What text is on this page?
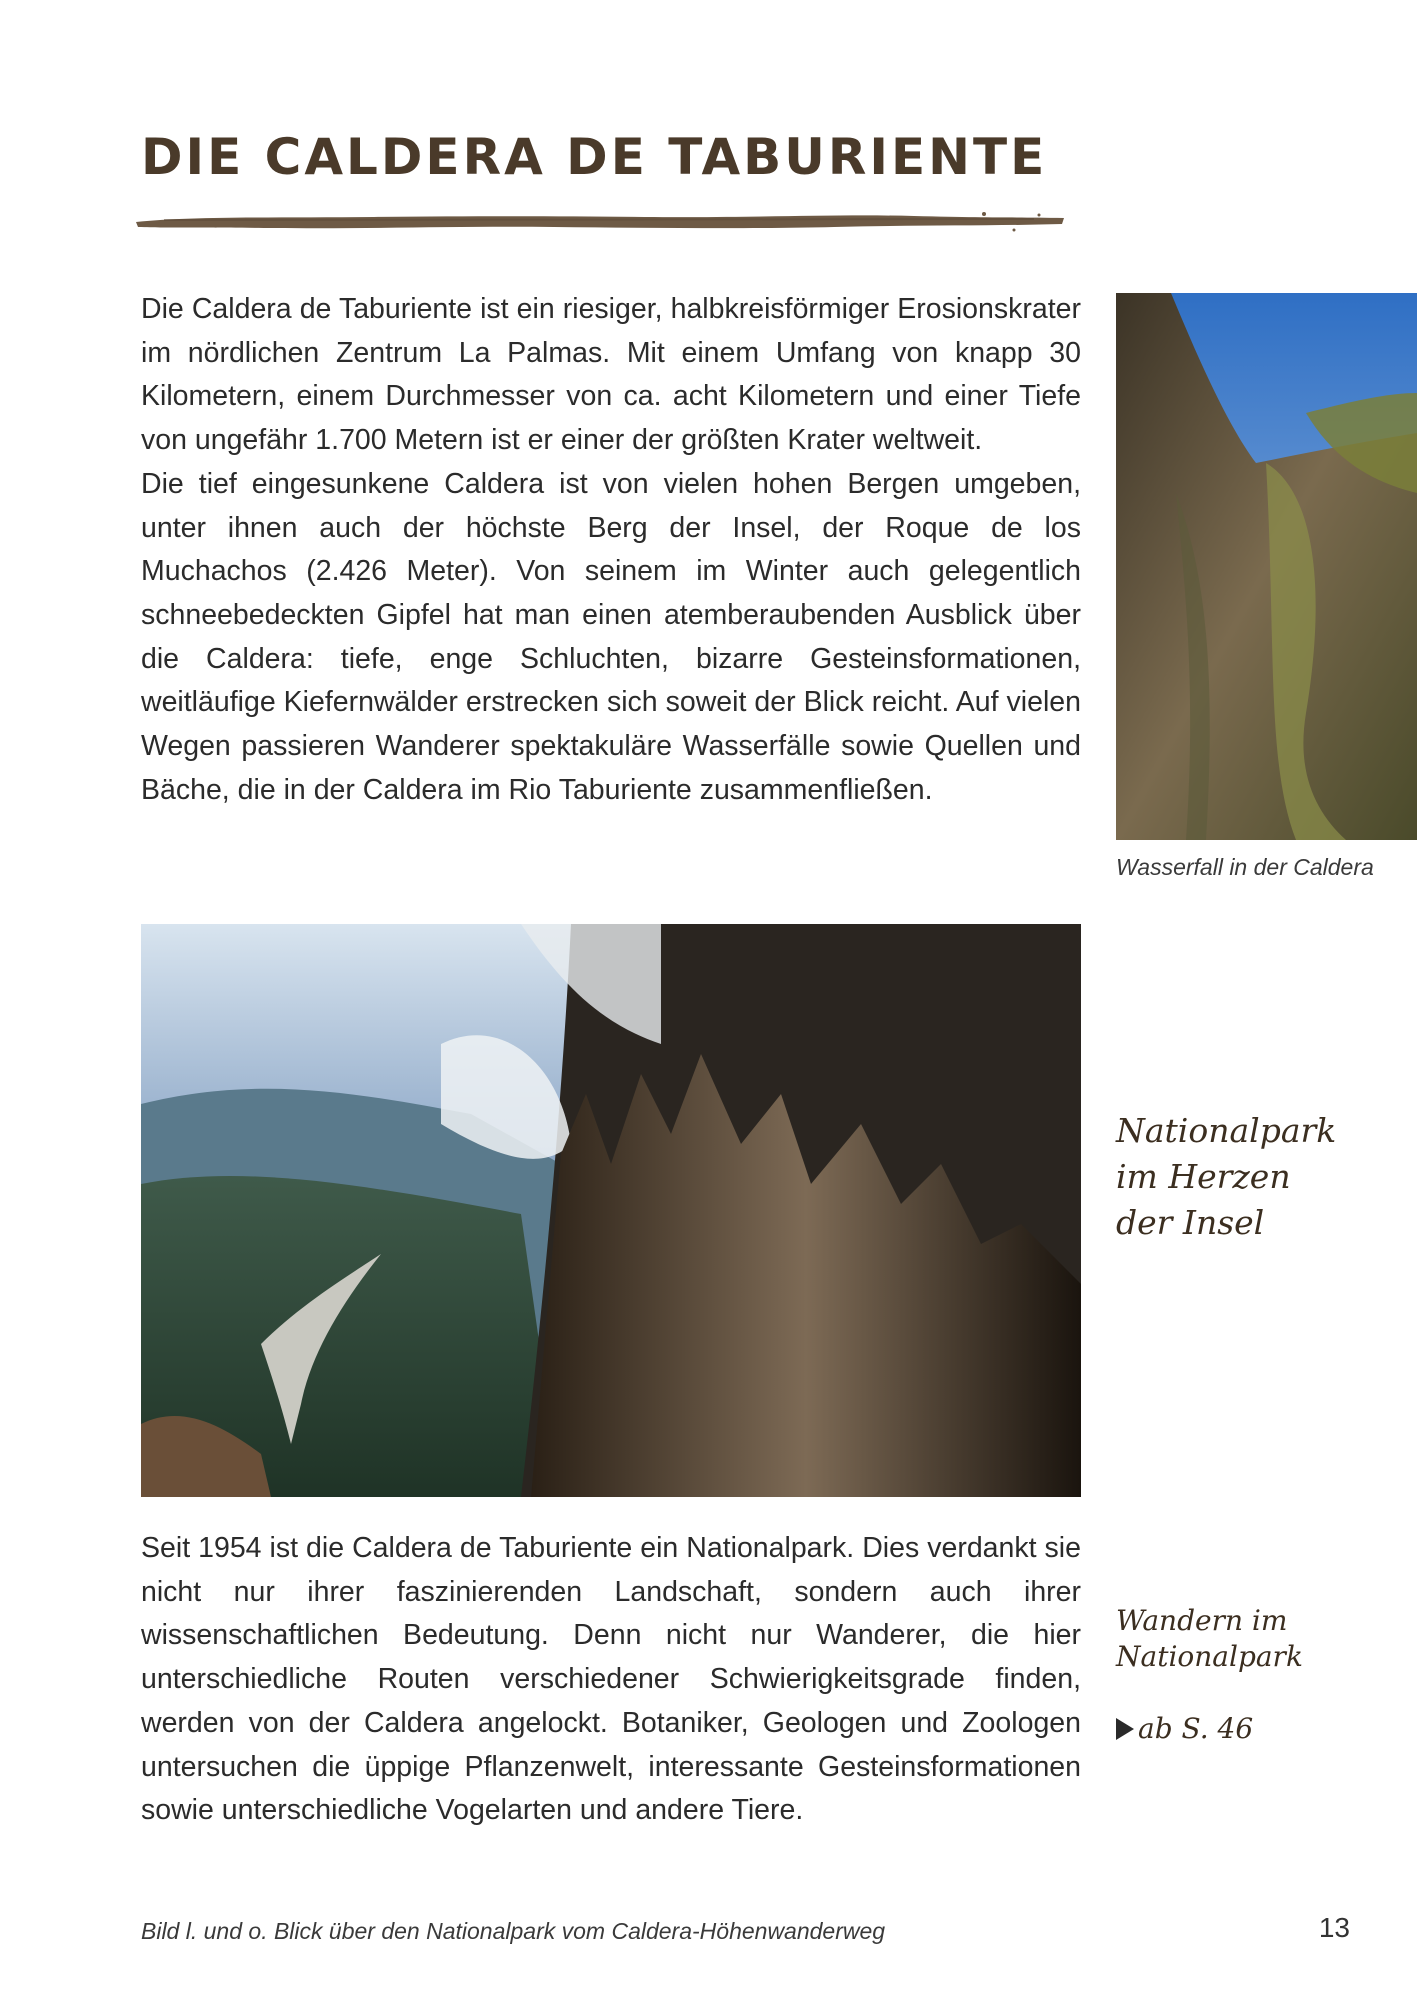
DIE CALDERA DE TABURIENTE

Die Caldera de Taburiente ist ein riesiger, halbkreisförmiger Erosionskrater im nördlichen Zentrum La Palmas. Mit einem Umfang von knapp 30 Kilometern, einem Durchmesser von ca. acht Kilometern und einer Tiefe von ungefähr 1.700 Metern ist er einer der größten Krater weltweit.
Die tief eingesunkene Caldera ist von vielen hohen Bergen umgeben, unter ihnen auch der höchste Berg der Insel, der Roque de los Muchachos (2.426 Meter). Von seinem im Winter auch gelegentlich schneebedeckten Gipfel hat man einen atemberaubenden Ausblick über die Caldera: tiefe, enge Schluchten, bizarre Gesteinsformationen, weitläufige Kiefernwälder erstrecken sich soweit der Blick reicht. Auf vielen Wegen passieren Wanderer spektakuläre Wasserfälle sowie Quellen und Bäche, die in der Caldera im Rio Taburiente zusammenfließen.

Wasserfall in der Caldera
Nationalpark
im Herzen
der Insel

Wandern im
Nationalpark

ab S. 46

Seit 1954 ist die Caldera de Taburiente ein Nationalpark. Dies verdankt sie nicht nur ihrer faszinierenden Landschaft, sondern auch ihrer wissenschaftlichen Bedeutung. Denn nicht nur Wanderer, die hier unterschiedliche Routen verschiedener Schwierigkeitsgrade finden, werden von der Caldera angelockt. Botaniker, Geologen und Zoologen untersuchen die üppige Pflanzenwelt, interessante Gesteinsformationen sowie unterschiedliche Vogelarten und andere Tiere.

Bild l. und o. Blick über den Nationalpark vom Caldera-Höhenwanderweg	13
